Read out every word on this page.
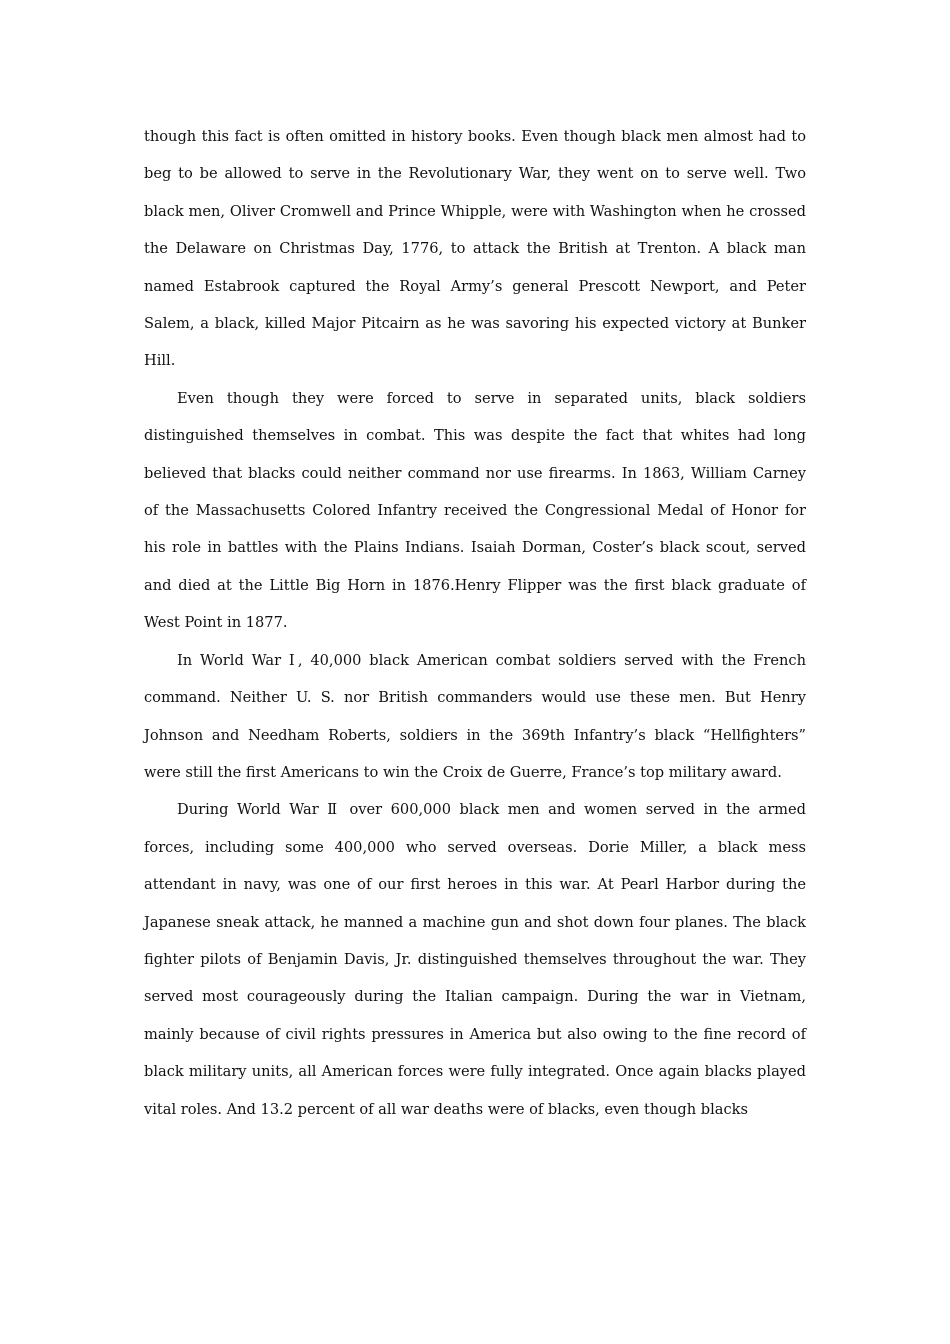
though this fact is often omitted in history books. Even though black men almost had to beg to be allowed to serve in the Revolutionary War, they went on to serve well. Two black men, Oliver Cromwell and Prince Whipple, were with Washington when he crossed the Delaware on Christmas Day, 1776, to attack the British at Trenton. A black man named Estabrook captured the Royal Army’s general Prescott Newport, and Peter Salem, a black, killed Major Pitcairn as he was savoring his expected victory at Bunker Hill.

Even though they were forced to serve in separated units, black soldiers distinguished themselves in combat. This was despite the fact that whites had long believed that blacks could neither command nor use firearms. In 1863, William Carney of the Massachusetts Colored Infantry received the Congressional Medal of Honor for his role in battles with the Plains Indians. Isaiah Dorman, Coster’s black scout, served and died at the Little Big Horn in 1876.Henry Flipper was the first black graduate of West Point in 1877.

In World War Ⅰ, 40,000 black American combat soldiers served with the French command. Neither U. S. nor British commanders would use these men. But Henry Johnson and Needham Roberts, soldiers in the 369th Infantry’s black “Hellfighters” were still the first Americans to win the Croix de Guerre, France’s top military award.

During World War Ⅱ over 600,000 black men and women served in the armed forces, including some 400,000 who served overseas. Dorie Miller, a black mess attendant in navy, was one of our first heroes in this war. At Pearl Harbor during the Japanese sneak attack, he manned a machine gun and shot down four planes. The black fighter pilots of Benjamin Davis, Jr. distinguished themselves throughout the war. They served most courageously during the Italian campaign. During the war in Vietnam, mainly because of civil rights pressures in America but also owing to the fine record of black military units, all American forces were fully integrated. Once again blacks played vital roles. And 13.2 percent of all war deaths were of blacks, even though blacks
